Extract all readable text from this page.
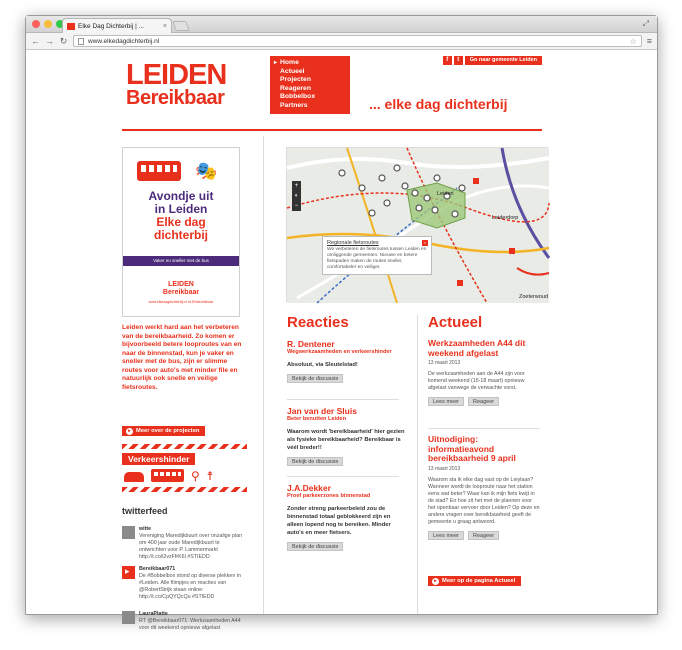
Elke Dag Dichterbij | ...	×	⤢
← → ↻	www.elkedagdichterbij.nl	☆ ≡
LEIDEN
Bereikbaar
▸ Home
Actueel
Projecten
Reageren
Bobbelbox
Partners
f	t	Go naar gemeente Leiden
... elke dag dichterbij
🎭
Avondje uit
in Leiden
Elke dag
dichterbij
Vaker en sneller met de bus
LEIDEN
Bereikbaar
www.elkedagdichterbij.nl #LDNbereikbaar
Leiden werkt hard aan het verbeteren van de bereikbaarheid. Zo komen er bijvoorbeeld betere looproutes van en naar de binnenstad, kun je vaker en sneller met de bus, zijn er slimme routes voor auto's met minder file en natuurlijk ook snelle en veilige fietsroutes.
▸ Meer over de projecten
Verkeershinder
⚲ ☨
twitterfeed
witte
Vereniging Maredijkbuurt over onzalige plan om 400 jaar oude Maredijkbuurt te ontwrichten voor P. Lammermarkt http://t.co/i2vzFfrK6l #STIEDD
▸
Bereikbaar071
De #Bobbelbox stond op diverse plekken in #Leiden. Alle filmpjes en reacties van @RobertStrijk staan online: http://t.co/CpQYQcQu #STIEDD
LauraPlatte
RT @Bereikbaar071: Werkzaamheden A44 voor dit weekend opnieuw afgelast
+
◐
−
Leiden
Leiderdorp
Zoeterwoud
Regionale fietsroutes
We verbeteren de fietsroutes tussen Leiden en omliggende gemeenten. Nieuwe en betere fietspaden maken de routes sneller, comfortabeler en veiliger.
×
Reacties
R. Dentener
Wegwerkzaamheden en verkeershinder
Absoluut, via Sleutelstad!
Bekijk de discussie
Jan van der Sluis
Beter benutten Leiden
Waarom wordt 'bereikbaarheid' hier gezien als fysieke bereikbaarheid? Bereikbaar is véél breder!!
Bekijk de discussie
J.A.Dekker
Proef parkeerzones binnenstad
Zonder streng parkeerbeleid zou de binnenstad totaal geblokkeerd zijn en alleen lopend nog te bereiken. Minder auto's en meer fietsers.
Bekijk de discussie
Actueel
Werkzaamheden A44 dit weekend afgelast
13 maart 2013
De werkzaamheden aan de A44 zijn voor komend weekend (15-18 maart) opnieuw afgelast vanwege de verwachte vorst.
Lees meer	Reageer
Uitnodiging: informatieavond bereikbaarheid 9 april
13 maart 2013
Waarom sta ik elke dag vast op de Leiylaan? Wanneer wordt de looproute naar het station eens wat beter? Waar kan ik mijn fiets kwijt in de stad? En hoe zit het met de plannen voor het openbaar vervoer door Leiden? Op deze en andere vragen over bereikbaarheid geeft de gemeente u graag antwoord.
Lees meer	Reageer
▸ Meer op de pagina Actueel
